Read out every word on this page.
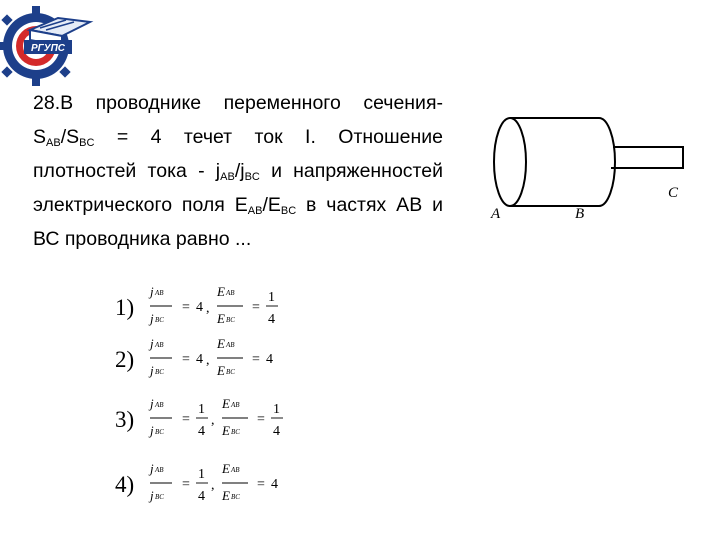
РГУПС
28.В проводнике переменного сечения-$S_{AB}/S_{BC} = 4$ течет ток I. Отношение плотностей тока - $j_{AB}/j_{BC}$ и напряженностей электрического поля $E_{AB}/E_{BC}$ в частях АВ и ВС проводника равно ...
A	B
C
1)
j AB
j BC
= 4 ,
E AB
E BC
=
1
4
2)
j AB
j BC
= 4 ,
E AB
E BC
= 4
3)
j AB
j BC
=
1
4
,
E AB
E BC
=
1
4
4)
j AB
j BC
=
1
4
,
E AB
E BC
= 4
